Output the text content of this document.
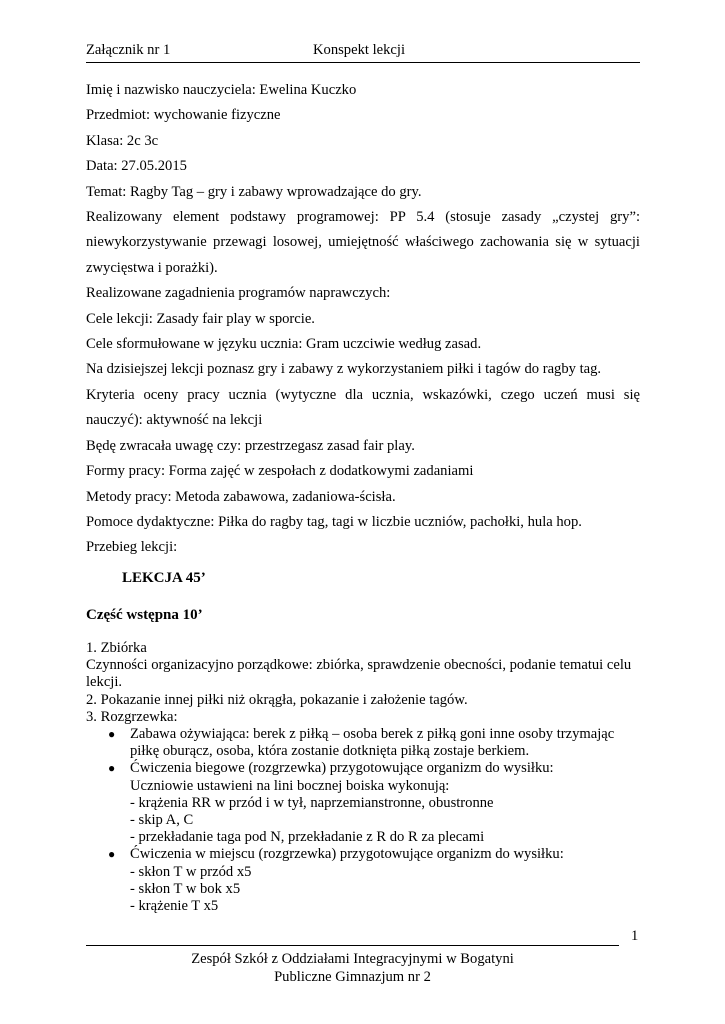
Załącznik nr 1	Konspekt lekcji

Imię i nazwisko nauczyciela: Ewelina Kuczko

Przedmiot: wychowanie fizyczne

Klasa: 2c 3c

Data: 27.05.2015

Temat: Ragby Tag – gry i zabawy wprowadzające do gry.

Realizowany element podstawy programowej: PP 5.4 (stosuje zasady „czystej gry”: niewykorzystywanie przewagi losowej, umiejętność właściwego zachowania się w sytuacji zwycięstwa i porażki).

Realizowane zagadnienia programów naprawczych:

Cele lekcji: Zasady fair play w sporcie.

Cele sformułowane w języku ucznia: Gram uczciwie według zasad.

Na dzisiejszej lekcji poznasz gry i zabawy z wykorzystaniem piłki i tagów do ragby tag.

Kryteria oceny pracy ucznia (wytyczne dla ucznia, wskazówki, czego uczeń musi się nauczyć): aktywność na lekcji

Będę zwracała uwagę czy: przestrzegasz zasad fair play.

Formy pracy: Forma zajęć w zespołach z dodatkowymi zadaniami

Metody pracy: Metoda zabawowa, zadaniowa-ścisła.

Pomoce dydaktyczne: Piłka do ragby tag, tagi w liczbie uczniów, pachołki, hula hop.

Przebieg lekcji:

LEKCJA 45’
Część wstępna 10’

1. Zbiórka

Czynności organizacyjno porządkowe: zbiórka, sprawdzenie obecności, podanie tematui celu lekcji.

2. Pokazanie innej piłki niż okrągła, pokazanie i założenie tagów.

3. Rozgrzewka:

● Zabawa ożywiająca: berek z piłką – osoba berek z piłką goni inne osoby trzymając

piłkę oburącz, osoba, która zostanie dotknięta piłką zostaje berkiem.

● Ćwiczenia biegowe (rozgrzewka) przygotowujące organizm do wysiłku:

Uczniowie ustawieni na lini bocznej boiska wykonują:

- krążenia RR w przód i w tył, naprzemianstronne, obustronne

- skip A, C

- przekładanie taga pod N, przekładanie z R do R za plecami

● Ćwiczenia w miejscu (rozgrzewka) przygotowujące organizm do wysiłku:

- skłon T w przód x5

- skłon T w bok x5

- krążenie T x5

1
Zespół Szkół z Oddziałami Integracyjnymi w Bogatyni
Publiczne Gimnazjum nr 2
